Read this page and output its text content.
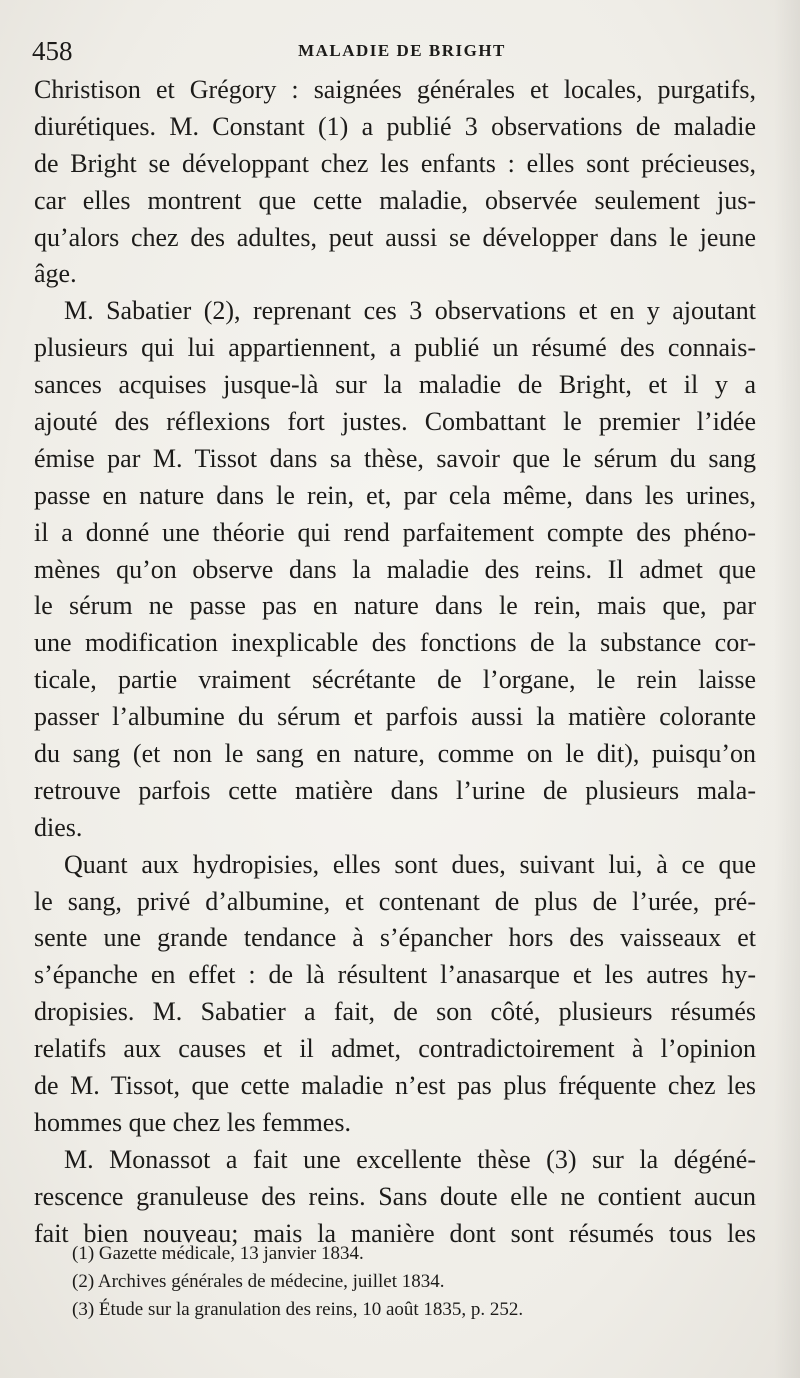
458	MALADIE DE BRIGHT
Christison et Grégory : saignées générales et locales, purgatifs,
diurétiques. M. Constant (1) a publié 3 observations de maladie
de Bright se développant chez les enfants : elles sont précieuses,
car elles montrent que cette maladie, observée seulement jus-
qu’alors chez des adultes, peut aussi se développer dans le jeune
âge.
M. Sabatier (2), reprenant ces 3 observations et en y ajoutant
plusieurs qui lui appartiennent, a publié un résumé des connais-
sances acquises jusque-là sur la maladie de Bright, et il y a
ajouté des réflexions fort justes. Combattant le premier l’idée
émise par M. Tissot dans sa thèse, savoir que le sérum du sang
passe en nature dans le rein, et, par cela même, dans les urines,
il a donné une théorie qui rend parfaitement compte des phéno-
mènes qu’on observe dans la maladie des reins. Il admet que
le sérum ne passe pas en nature dans le rein, mais que, par
une modification inexplicable des fonctions de la substance cor-
ticale, partie vraiment sécrétante de l’organe, le rein laisse
passer l’albumine du sérum et parfois aussi la matière colorante
du sang (et non le sang en nature, comme on le dit), puisqu’on
retrouve parfois cette matière dans l’urine de plusieurs mala-
dies.
Quant aux hydropisies, elles sont dues, suivant lui, à ce que
le sang, privé d’albumine, et contenant de plus de l’urée, pré-
sente une grande tendance à s’épancher hors des vaisseaux et
s’épanche en effet : de là résultent l’anasarque et les autres hy-
dropisies. M. Sabatier a fait, de son côté, plusieurs résumés
relatifs aux causes et il admet, contradictoirement à l’opinion
de M. Tissot, que cette maladie n’est pas plus fréquente chez les
hommes que chez les femmes.
M. Monassot a fait une excellente thèse (3) sur la dégéné-
rescence granuleuse des reins. Sans doute elle ne contient aucun
fait bien nouveau; mais la manière dont sont résumés tous les
(1) Gazette médicale, 13 janvier 1834.
(2) Archives générales de médecine, juillet 1834.
(3) Étude sur la granulation des reins, 10 août 1835, p. 252.
